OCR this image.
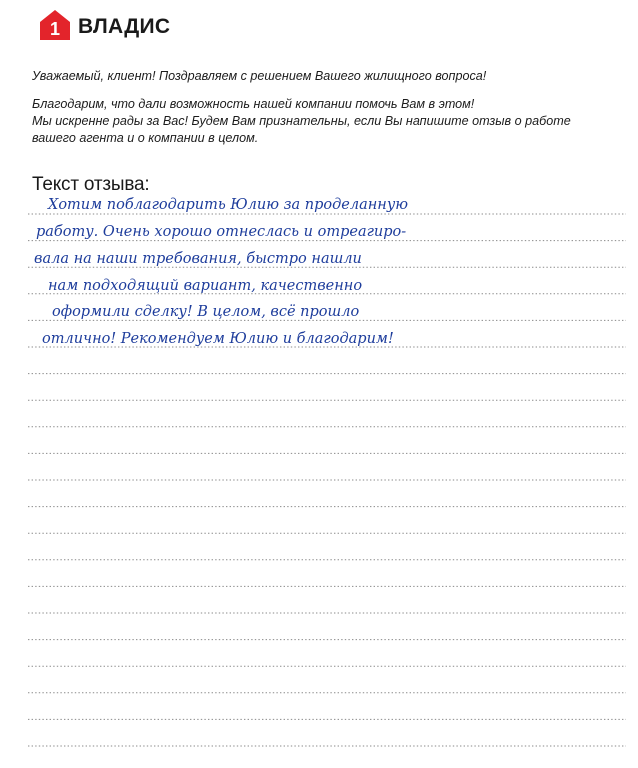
1 ВЛАДИС

Уважаемый, клиент! Поздравляем с решением Вашего жилищного вопроса!

Благодарим, что дали возможность нашей компании помочь Вам в этом!

Мы искренне рады за Вас! Будем Вам признательны, если Вы напишите отзыв о работе

вашего агента и о компании в целом.

Текст отзыва:
Хотим поблагодарить Юлию за проделанную
работу. Очень хорошо отнеслась и отреагиро-
вала на наши требования, быстро нашли
нам подходящий вариант, качественно
оформили сделку! В целом, всё прошло
отлично! Рекомендуем Юлию и благодарим!
